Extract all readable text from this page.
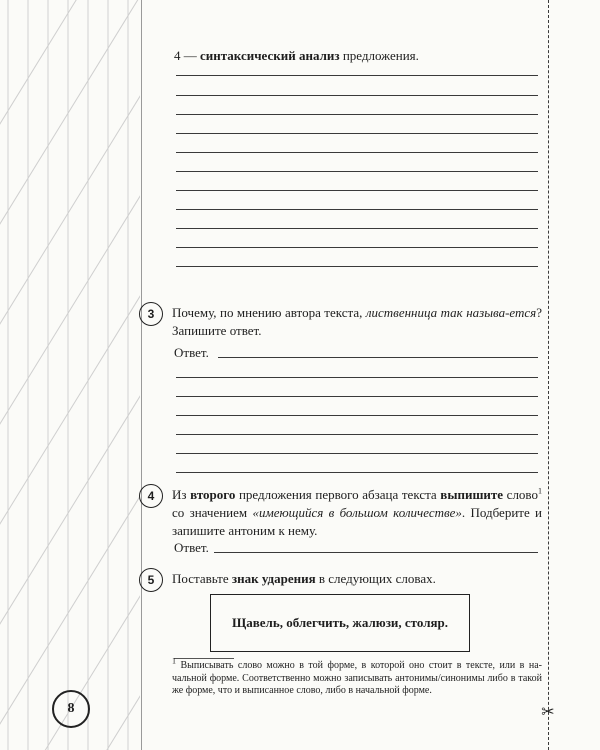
✂
4 — синтаксический анализ предложения.
3	Почему, по мнению автора текста, лиственница так называ-ется? Запишите ответ.
Ответ.
4	Из второго предложения первого абзаца текста выпишите слово$^1$ со значением «имеющийся в большом количестве». Подберите и запишите антоним к нему.
Ответ.
5	Поставьте знак ударения в следующих словах.
Щавель, облегчить, жалюзи, столяр.
$^1$ Выписывать слово можно в той форме, в которой оно стоит в тексте, или в на-чальной форме. Соответственно можно записывать антонимы/синонимы либо в такой же форме, что и выписанное слово, либо в начальной форме.
8
